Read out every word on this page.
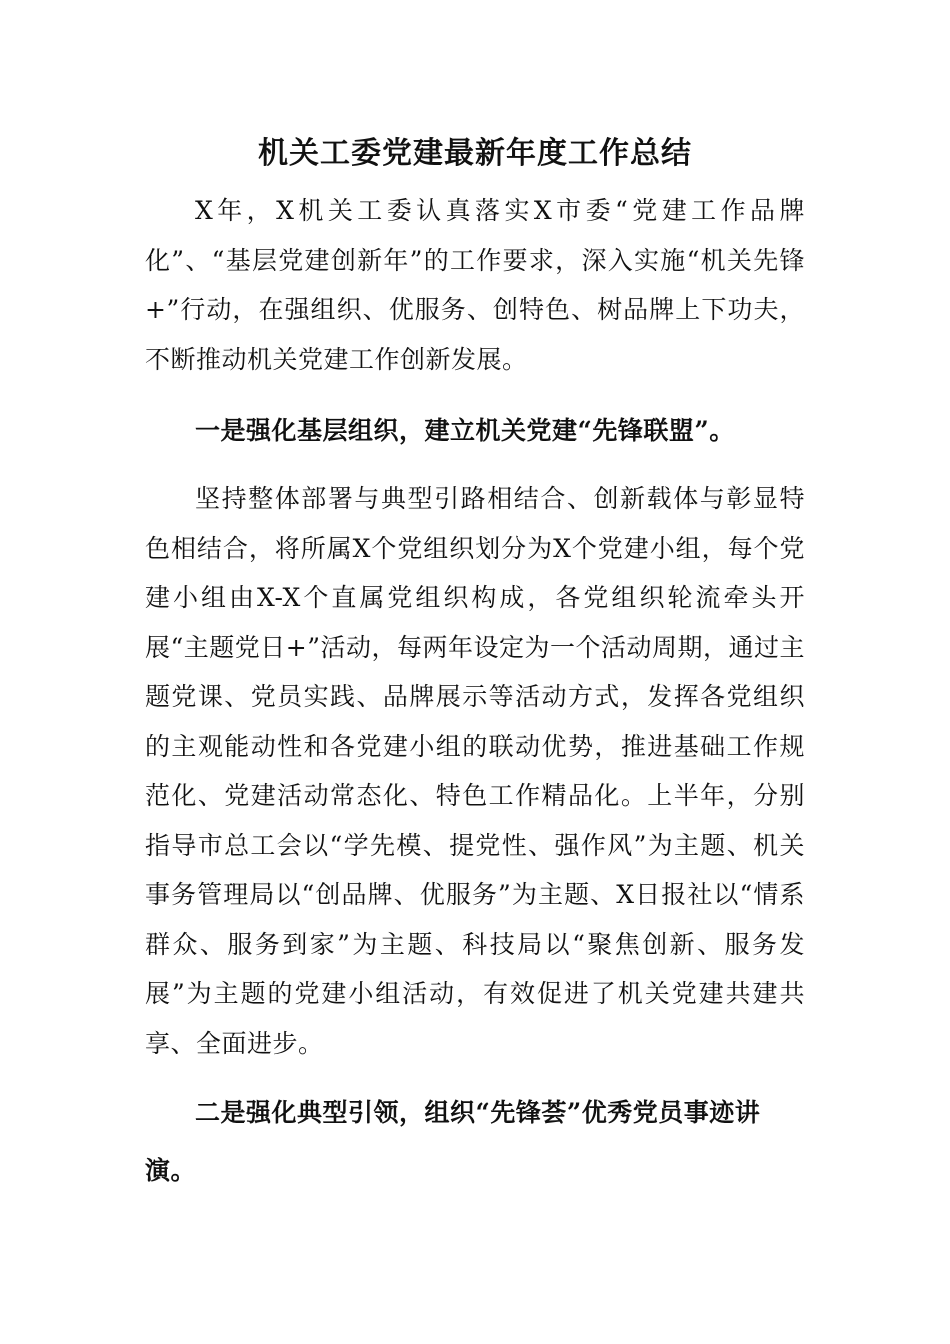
机关工委党建最新年度工作总结

X年，X机关工委认真落实X市委“党建工作品牌化”、“基层党建创新年”的工作要求，深入实施“机关先锋+”行动，在强组织、优服务、创特色、树品牌上下功夫，不断推动机关党建工作创新发展。

一是强化基层组织，建立机关党建“先锋联盟”。

坚持整体部署与典型引路相结合、创新载体与彰显特色相结合，将所属X个党组织划分为X个党建小组，每个党建小组由X-X个直属党组织构成，各党组织轮流牵头开展“主题党日+”活动，每两年设定为一个活动周期，通过主题党课、党员实践、品牌展示等活动方式，发挥各党组织的主观能动性和各党建小组的联动优势，推进基础工作规范化、党建活动常态化、特色工作精品化。上半年，分别指导市总工会以“学先模、提党性、强作风”为主题、机关事务管理局以“创品牌、优服务”为主题、X日报社以“情系群众、服务到家”为主题、科技局以“聚焦创新、服务发展”为主题的党建小组活动，有效促进了机关党建共建共享、全面进步。

二是强化典型引领，组织“先锋荟”优秀党员事迹讲演。
